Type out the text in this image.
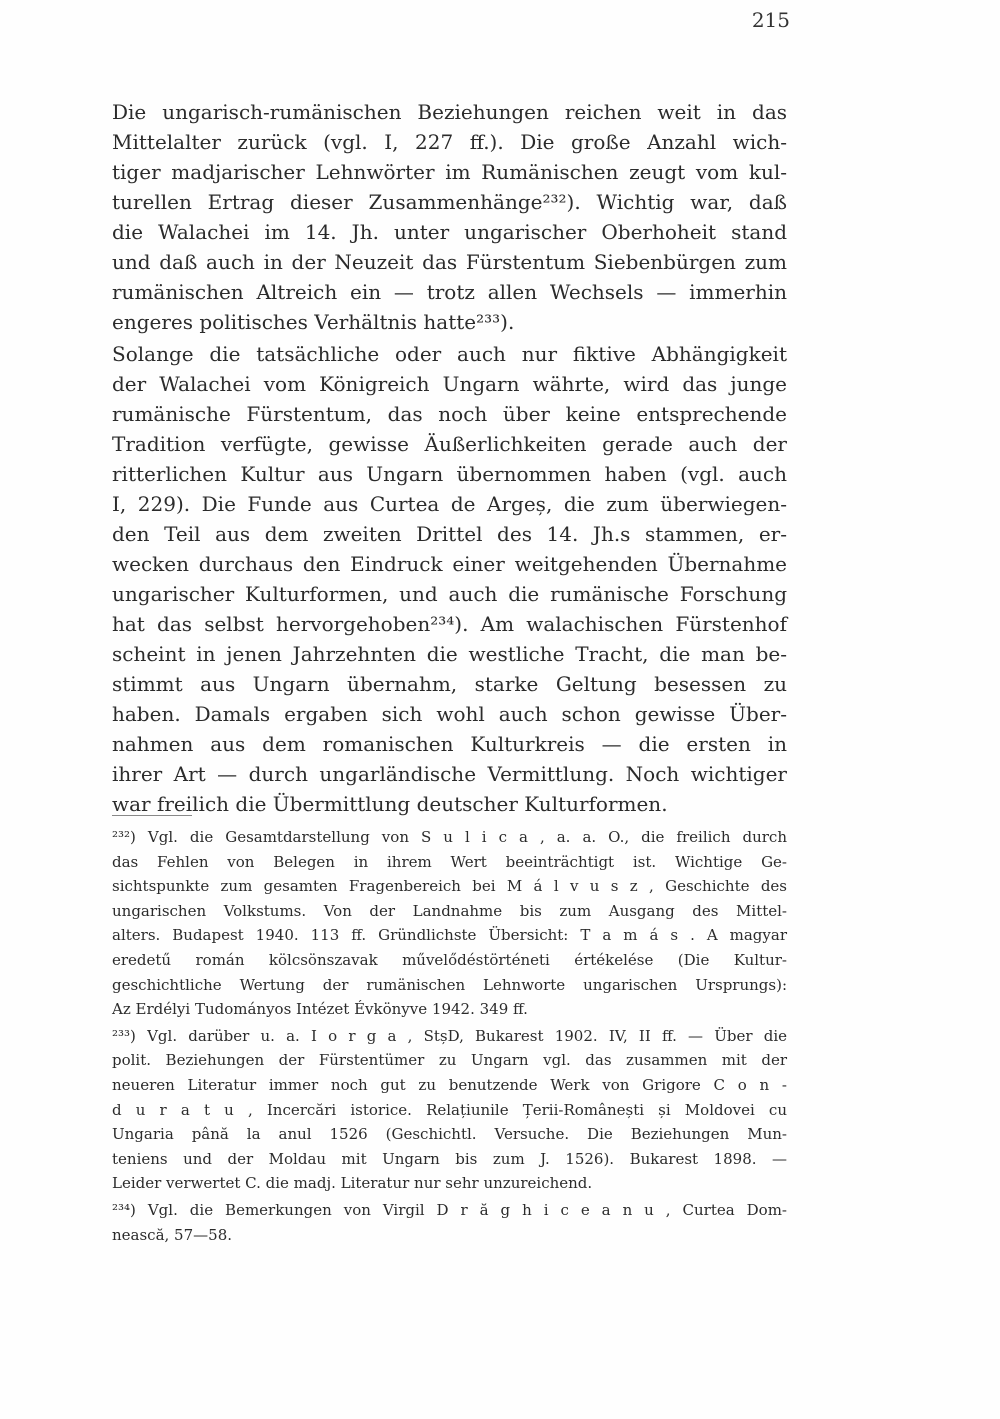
215

Die ungarisch-rumänischen Beziehungen reichen weit in das
Mittelalter zurück (vgl. I, 227 ff.). Die große Anzahl wich-
tiger madjarischer Lehnwörter im Rumänischen zeugt vom kul-
turellen Ertrag dieser Zusammenhänge²³²). Wichtig war, daß
die Walachei im 14. Jh. unter ungarischer Oberhoheit stand
und daß auch in der Neuzeit das Fürstentum Siebenbürgen zum
rumänischen Altreich ein — trotz allen Wechsels — immerhin
engeres politisches Verhältnis hatte²³³).

Solange die tatsächliche oder auch nur fiktive Abhängigkeit
der Walachei vom Königreich Ungarn währte, wird das junge
rumänische Fürstentum, das noch über keine entsprechende
Tradition verfügte, gewisse Äußerlichkeiten gerade auch der
ritterlichen Kultur aus Ungarn übernommen haben (vgl. auch
I, 229). Die Funde aus Curtea de Argeș, die zum überwiegen-
den Teil aus dem zweiten Drittel des 14. Jh.s stammen, er-
wecken durchaus den Eindruck einer weitgehenden Übernahme
ungarischer Kulturformen, und auch die rumänische Forschung
hat das selbst hervorgehoben²³⁴). Am walachischen Fürstenhof
scheint in jenen Jahrzehnten die westliche Tracht, die man be-
stimmt aus Ungarn übernahm, starke Geltung besessen zu
haben. Damals ergaben sich wohl auch schon gewisse Über-
nahmen aus dem romanischen Kulturkreis — die ersten in
ihrer Art — durch ungarländische Vermittlung. Noch wichtiger
war freilich die Übermittlung deutscher Kulturformen.

²³²) Vgl. die Gesamtdarstellung von S u l i c a , a. a. O., die freilich durch
das Fehlen von Belegen in ihrem Wert beeinträchtigt ist. Wichtige Ge-
sichtspunkte zum gesamten Fragenbereich bei M á l v u s z , Geschichte des
ungarischen Volkstums. Von der Landnahme bis zum Ausgang des Mittel-
alters. Budapest 1940. 113 ff. Gründlichste Übersicht: T a m á s . A magyar
eredetű román kölcsönszavak művelődéstörténeti értékelése (Die Kultur-
geschichtliche Wertung der rumänischen Lehnworte ungarischen Ursprungs):
Az Erdélyi Tudományos Intézet Évkönyve 1942. 349 ff.

²³³) Vgl. darüber u. a. I o r g a , StșD, Bukarest 1902. IV, II ff. — Über die
polit. Beziehungen der Fürstentümer zu Ungarn vgl. das zusammen mit der
neueren Literatur immer noch gut zu benutzende Werk von Grigore C o n -
d u r a t u , Incercări istorice. Relațiunile Țerii-Românești și Moldovei cu
Ungaria până la anul 1526 (Geschichtl. Versuche. Die Beziehungen Mun-
teniens und der Moldau mit Ungarn bis zum J. 1526). Bukarest 1898. —
Leider verwertet C. die madj. Literatur nur sehr unzureichend.

²³⁴) Vgl. die Bemerkungen von Virgil D r ă g h i c e a n u , Curtea Dom-
nească, 57—58.
